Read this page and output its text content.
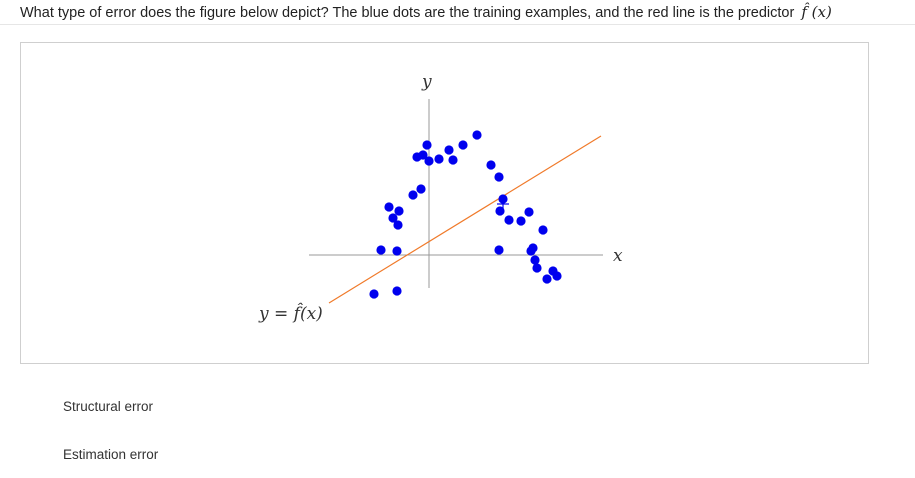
What type of error does the figure below depict? The blue dots are the training examples, and the red line is the predictor f̂ (x)
y
x
y = f̂(x)
Structural error
Estimation error
